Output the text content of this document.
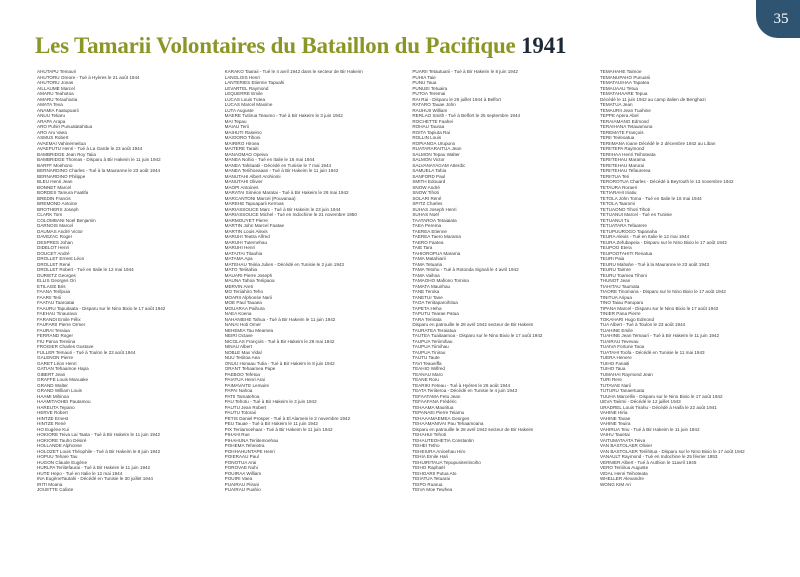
35
Les Tamarii Volontaires du Bataillon du Pacifique 1941
AHUTAPU Temauri
AHUTORU Oreore - Tué à Hyères le 21 août 1944
AHUTORU Jonas
AILLAUME Marcel
AMARU Teahotoa
AMARU Terauhiutia
AMATA Teva
ANAMIA Faatupuarii
ANUU Tetiaru
ARAPA Arapa
ARO Puhiri Punuatatahitua
ARO Aru Vaea
ASMUS Robert
AVAEMAI Vahinemeitua
AVAEPUTU Henri - Tué à La Garde le 23 août 1944
BAMBRIDGE Jean Roy Taiia
BAMBRIDGE Thomas - Disparu à Bir Hakeim le 11 juin 1942
BARFF Moehono
BERNARDINO Charles - Tué à la Mauranne le 23 août 1944
BERNARDINO Philippe
BLEU Henri Jean
BONNET Marcel
BORDES Tamura Faatifa
BREDIN Francis
BREMOND Antoine
BROTHERS Joseph
CLARK Tom
COLOMBANI Noel Benjamin
DARNOIS Marcel
DAUMAS André Victor
DAVEZAC Roger
DESPRES Johan
DIDELOT Henri
DOUCET André
DROLLET Ernest Léon
DROLLET René
DROLLET Robert - Tué en Italie le 12 mai 1944
DURIETZ Georges
ELLIS Georges Ori
ETILAGE Bris
FAANA Terilpuia
FAARII Terii
FAATAU Taaroatai
FAAURU Tapuitaata - Disparu sur le Nino Bixio le 17 août 1942
FAEHAU Tinaurava
FARANDI Emile Félix
FAUFARII Pierre Ormer
FAURAI Teraiua
FERRAND Roger
FIU Paroa Tereiina
FROGIER Charles Gustave
FULLER Temauri - Tué à Toulon le 23 août 1944
GALENON Pierre
GARET Léon Henri
GATIAN Tehaamoe Hapa
GIBERT Jean
GRAFFE Louis Manuake
GRAND Walter
GRAND William Louis
HAAMI Mihinoa
HAAMITAOHEI Pautamou
HAREUTA Tepano
HERVE Robert
HINTZE Ernest
HINTZE René
HO Eugène Kui
HOKIORE Teiva Lai Taata - Tué à Bir Hakeim le 11 juin 1942
HOKIORE Tauho Désiré
HOLLANDE Alphonse
HOLOZET Louis Théophile - Tué à Bir Hakeim le 8 juin 1942
HOPUU Tehare Tau
HUGON Claude Eugène
HURLPA Teriitefaurai - Tué à Bir Hakeim le 11 juin 1942
HUTE Hepo - Tué en Italie le 12 mai 1944
INA EugèneTautahi - Décédé en Tunisie le 30 juillet 1944
IRITI Moana
JOUETTE Calixte
KARAKO Taaraii - Tué le 4 avril 1942 dans le secteur de Bir Hakeim
LANGLOIS Henri
LANTERIES Etienne Tapuahi
LEVARTEL Raymond
LEQUERRE Emile
LUCAS Louis Tutea
LUCAS Marcel Maxime
LUTA Auguste
MAERE Tutiirua Teaumo - Tué à Bir Hakeim le 3 juin 1942
MAI Tepau
MAIAU Terii
MAIHUTI Raseino
MAIOORO Tihoni
MAIRIRO Hiroea
MAITERE Taraiti
MANAOMAO Opeiva
MANEA Nohio - Tué en Italie le 16 mai 1944
MANEA Tahitaatii - Décédé en Tunisie le 7 mai 1944
MANEA Teriihoeaaan - Tué à Bir Hakeim le 11 juin 1942
MANUTAHI Albert Arohiomi
MANUTAHI Olivier
MAOPI Antoines
MARATAI Siméon Maratai - Tué à Bir Hakeim le 28 mai 1942
MARCANTONI Marcel (Pouvanaa)
MAREHE Tapuaparii Kermas
MARIASSOUCE Marc - Tué à Bir Hakeim le 23 juin 1944
MARIASSOUCE Michel - Tué en Indochine le 21 novembre 1950
MARMOUYET Pierre
MARTIN John Marcel Faatae
MARTIN Louis Alexis
MARUHI Teatra Alfred
MARUHI Tutemehau
MARUHI Henri
MATAITAI Titauhia
MATAMA Apa
MATEHAU Teiiria Julien - Décédé en Tunisie le 2 juin 1943
MATO Teriitahia
MAUARI Pierre Joseph
MAUNA Tahoa Teriipaoa
MERVIN Areti
MO Teriiahiro Teho
MOARII Alphonse Narii
MOE Paul Tauaea
MOUARAA Paihura
NAEA Koena
NAHANIEHE Tahua - Tué à Bir Hakeim le 11 juin 1942
NANAI Hoti Omer
NEHEMIA Tau Meamea
NEIRI Octave
NICOLAS François - Tué à Bir Hakeim le 28 mai 1942
NINAU Albert
NOBLE Max Vidal
NUU Teriitoa Aea
ONUU Honaau Tutia - Tué à Bir Hakeim le 8 juin 1942
ORANT Tehaamea Pape
PAEBOO Tefetoa
PAIATUA Henri Arai
PAIMAVAITE Lemaire
PAPAI Nahoa
PATII Tamatehoa
PAU Tehotu - Tué à Bir Hakeim le 3 juin 1942
PAUTU Jean Robert
PAUTU Totoraii
PETIS Daniel Prosper - Tué à El Alamein le 2 novembre 1942
PEU Tauae - Tué à Bir Hakeim le 11 juin 1942
PIX Teriiamoehaar - Tué à Bir Hakeim le 11 juin 1942
PIHAHI Rue
PIHAHUNA Teriitemoehau
POHEMA Teheiotra
POHHAHUNTAPE Henri
POIERAAU Paul
PONOTUA Arai
POROVAE Nuhi
POUIRAA William
POUIRI Vaea
PUAIRAU Piirani
PUAIRAU Puahio
PUARII Tetautuarii - Tué à Bir Hakeim le 8 juin 1942
PUHIA Taie
PUNU Taua
PUNUEI Tetuaira
PUTOA Teremai
RAI Rai - Disparu le 26 juillet 1944 à Belfort
RATARO Tauae John
RAUHUII William
RERLAO Smith - Tué à Belfort le 25 septembre 1944
ROCHETTE Faahei
ROHAU Tauraa
ROITA Tapiuta Rai
ROLLIN Louis
ROPIANOA Urupuno
RUATARARAITUA Jean
SALMON Tepau Walter
SALMON Victor
SALVANAYAGAM Atterdic
SAMUELA Tahia
SANFORD Paul
SMITH Edouard
SNOW André
SNOW Tihoti
SOLARI René
SPITZ Charles
SUHAS Joseph Henri
SUHAS Noël
TAATAROA Tetaiaiata
TAEA Perema
TAEREA Etienne
TAEREA Taero Marama
TAERO Faatea
TAIE Tara
TAHIOROPUA Marama
TAMA Matahiarii
TAMA Tetuaria
TAMA Tetohu - Tué à Rotonda Signali le 4 avril 1942
TAMA Vaihoa
TAMAOHO Mafiono Tomina
TAMATA Mauirhau
TANE Teroka
TANETUI Tane
TAOA Teriitaparoihitua
TAPETA Heha
TAPUTU Tearae Patua
TARA Teriirata
Disparu en patrouille le 28 avril 1942 secteur de Bir Hakeim
TAURATEA Teraiatua
TAUTEA Tuaitaamoa - Disparu sur le Nino Bixio le 17 août 1942
TAUPUA Teriimihau
TAUPUA Tiimihau
TAUPUA Tinirau
TAUTU Taute
TAVI Teaueiffa
TEAHIO Wilfred
TEANAU Maro
TEANE Roru
TEARIKI Feteau - Tué à Hyères le 26 août 1944
TEATA Teriiteroa - Décédé en Tunisie le 4 juin 1943
TEFAATAMA Fetu Jean
TEFAAFANA Frédéric
TEHAAMA Mauritua
TEPANAEI Pierre Teiamu
TEHAAAMAEMEA Georges
TEHAAMANIVAI Pau Tehaamoana
Disparu en patrouille le 28 avril 1942 secteur de Bir Hakeim
TEHAHUI Tehoti
TEHAUTEOHETIA Constantin
TEIHEI Tetho
TEHEIURA Anioehau Hiro
TEHIA Emile Hari
TEHUIRITAUA Tepupuniteriinoiho
TEIHO Raphaël
TEIHOARII Putua Ato
TEIIATUA Tetuarai
TEIPO Ruarua
TEIVA Moe Tewhea
TEMAHAHE Taimoe
TEMANUPAHO Punuarii
TEMATAUIHAA Tapatea
TEMAUAAU Tetua
TEMATAHAARE Tepua
Décédé le 11 juin 1942 au camp italien de Benghazi
TEMATUA Jean
TEMAURII Jean Tuahine
TEPPE Apera Abel
TERAIAMANO Edmond
TERAIHANA Tetauamuna
TEREMATE François
TERII Teireoatua
TERIIMANA Ioane Décédé le 2 décembre 1942 au Liban
TERIITEPA Raymond
TERIIHAA Henri Teihoteata
TERIITEHAU Marama
TERIITEHAU Marurai
TERIITEHAU Tefaurerea
TERIITUA Teri
TEROROTUA Charles - Décédé à Beyrouth le 13 novembre 1942
TETAURA Roraeri
TETIARAHI Iriatiu
TETOLA John Toma - Tué en Italie le 16 mai 1944
TETOLA Taaromi
TETUAONO Tihoti Tihoti
TETUANUI Marcel - Tué en Tunisie
TETUANUI Tu
TETUATARA Tefaarere
TETUPUUROGO Tapanaha
TEURA Alexis - Tué en Italie le 12 mai 1944
TEURA Zefubapeia - Disparu sur le Nino Bixio le 17 août 1942
TEUPOO Etera
TEUPOOTAHITI Renatua
TEURI Paia
TEURU Mahahe - Tué à la Mauranne le 23 août 1943
TEURU Taimre
TEURU Toamea Tihoni
THUNOT Jean
TIAHITAU Taumata
TIAORE Tinomana - Disparu sur le Nino Bixio le 17 août 1942
TINITUA Aripua
TINO Taiau Paruparu
TIPANA Marcel - Disparu sur le Nino Bixio le 17 août 1942
TINIER Pana Pierre
TOKAHARI Hugo Edmond
TUA Albert - Tué à Toulon le 23 août 1944
TUAHINE Emile
TUAHINE Jean Temauri - Tué à Bir Hakeim le 11 juin 1942
TUAIRAU Tevevau
TUAIVA Fortune Taoa
TUATAHI Toofa - Décédé en Tunisie le 11 mai 1943
TUERA Henere
TUIHO Fanaiti
TUIHO Taua
TUMAHAI Raymond Jean
TURI Rere
TUTAVAE Narii
TUTURU Tanaertuata
TUUHA Marcellin - Disparu sur le Nino Bixio le 17 août 1942
UEVA Taiirmi - Décédé le 12 juillet 1943
URADREL Louis Tirahu - Décédé à Haifa le 22 août 1941
VAHINE Hiria
VAHINE Tavae
VAHINE Teuira
VAHIRUA Teiu - Tué à Bir Hakeim le 11 juin 1942
VAIHU Tauetai
VAITUMATAATA Teiva
VAN BASTOLAER Olivier
VAN BASTOLAER Teriihitua - Disparu sur le Nino Bixio le 17 août 1942
VANAULT Raymond - Tué en Indochine le 25 février 1953
VERNIER Albert - Tué à Authion le 11avril 1945
VERO Teriiiruu Auguste
VIDAL Henri Teihoteata
WHELLER Alexandre
WONG KIM Ari
